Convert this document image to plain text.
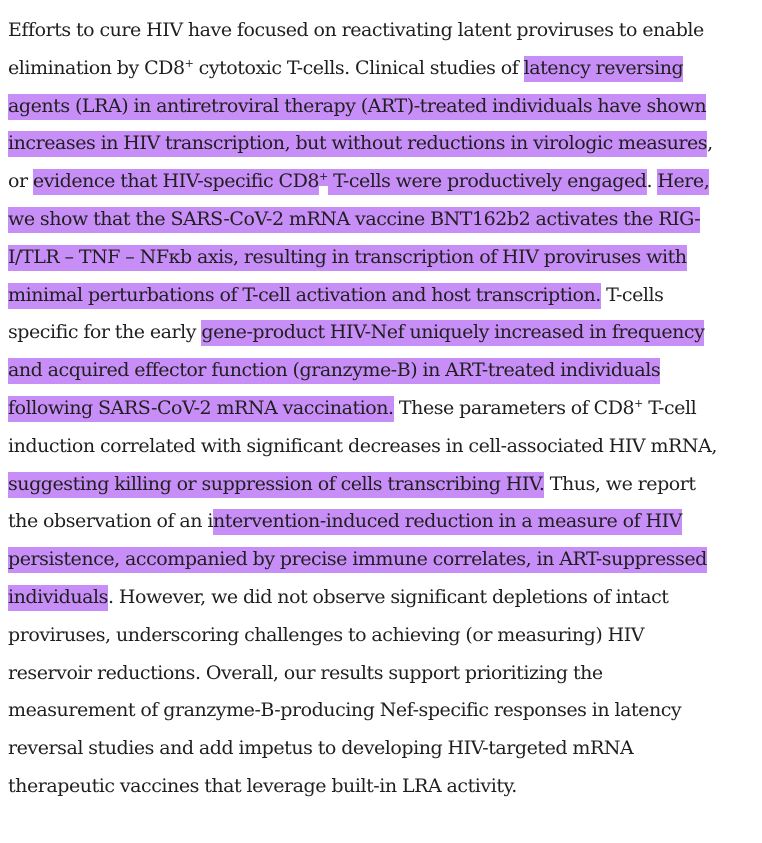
Efforts to cure HIV have focused on reactivating latent proviruses to enable elimination by CD8+ cytotoxic T-cells. Clinical studies of latency reversing agents (LRA) in antiretroviral therapy (ART)-treated individuals have shown increases in HIV transcription, but without reductions in virologic measures, or evidence that HIV-specific CD8+ T-cells were productively engaged. Here, we show that the SARS-CoV-2 mRNA vaccine BNT162b2 activates the RIG-I/TLR – TNF – NFκb axis, resulting in transcription of HIV proviruses with minimal perturbations of T-cell activation and host transcription. T-cells specific for the early gene-product HIV-Nef uniquely increased in frequency and acquired effector function (granzyme-B) in ART-treated individuals following SARS-CoV-2 mRNA vaccination. These parameters of CD8+ T-cell induction correlated with significant decreases in cell-associated HIV mRNA, suggesting killing or suppression of cells transcribing HIV. Thus, we report the observation of an intervention-induced reduction in a measure of HIV persistence, accompanied by precise immune correlates, in ART-suppressed individuals. However, we did not observe significant depletions of intact proviruses, underscoring challenges to achieving (or measuring) HIV reservoir reductions. Overall, our results support prioritizing the measurement of granzyme-B-producing Nef-specific responses in latency reversal studies and add impetus to developing HIV-targeted mRNA therapeutic vaccines that leverage built-in LRA activity.
